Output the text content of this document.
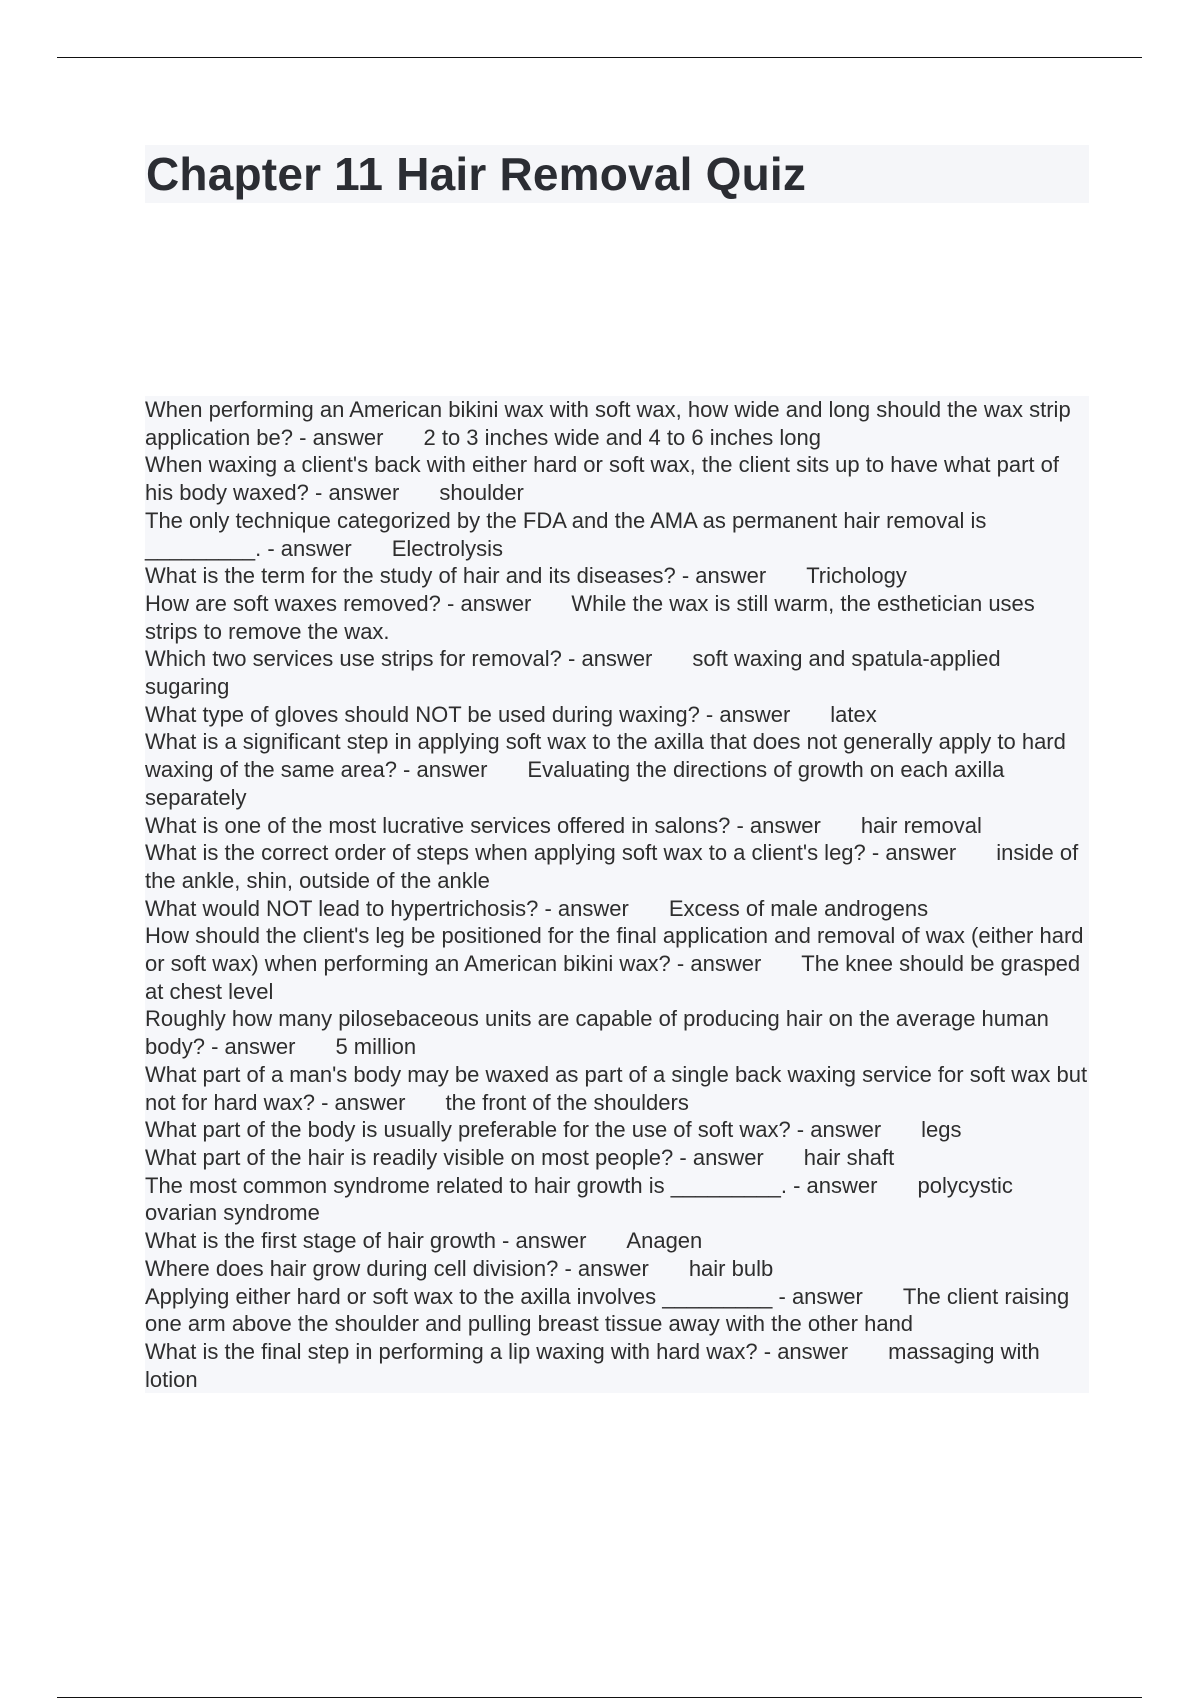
Chapter 11 Hair Removal Quiz
When performing an American bikini wax with soft wax, how wide and long should the wax strip application be? - answer 2 to 3 inches wide and 4 to 6 inches long
When waxing a client's back with either hard or soft wax, the client sits up to have what part of his body waxed? - answer shoulder
The only technique categorized by the FDA and the AMA as permanent hair removal is _________. - answer Electrolysis
What is the term for the study of hair and its diseases? - answer Trichology
How are soft waxes removed? - answer While the wax is still warm, the esthetician uses strips to remove the wax.
Which two services use strips for removal? - answer soft waxing and spatula-applied sugaring
What type of gloves should NOT be used during waxing? - answer latex
What is a significant step in applying soft wax to the axilla that does not generally apply to hard waxing of the same area? - answer Evaluating the directions of growth on each axilla separately
What is one of the most lucrative services offered in salons? - answer hair removal
What is the correct order of steps when applying soft wax to a client's leg? - answer inside of the ankle, shin, outside of the ankle
What would NOT lead to hypertrichosis? - answer Excess of male androgens
How should the client's leg be positioned for the final application and removal of wax (either hard or soft wax) when performing an American bikini wax? - answer The knee should be grasped at chest level
Roughly how many pilosebaceous units are capable of producing hair on the average human body? - answer 5 million
What part of a man's body may be waxed as part of a single back waxing service for soft wax but not for hard wax? - answer the front of the shoulders
What part of the body is usually preferable for the use of soft wax? - answer legs
What part of the hair is readily visible on most people? - answer hair shaft
The most common syndrome related to hair growth is _________. - answer polycystic ovarian syndrome
What is the first stage of hair growth - answer Anagen
Where does hair grow during cell division? - answer hair bulb
Applying either hard or soft wax to the axilla involves _________ - answer The client raising one arm above the shoulder and pulling breast tissue away with the other hand
What is the final step in performing a lip waxing with hard wax? - answer massaging with lotion
